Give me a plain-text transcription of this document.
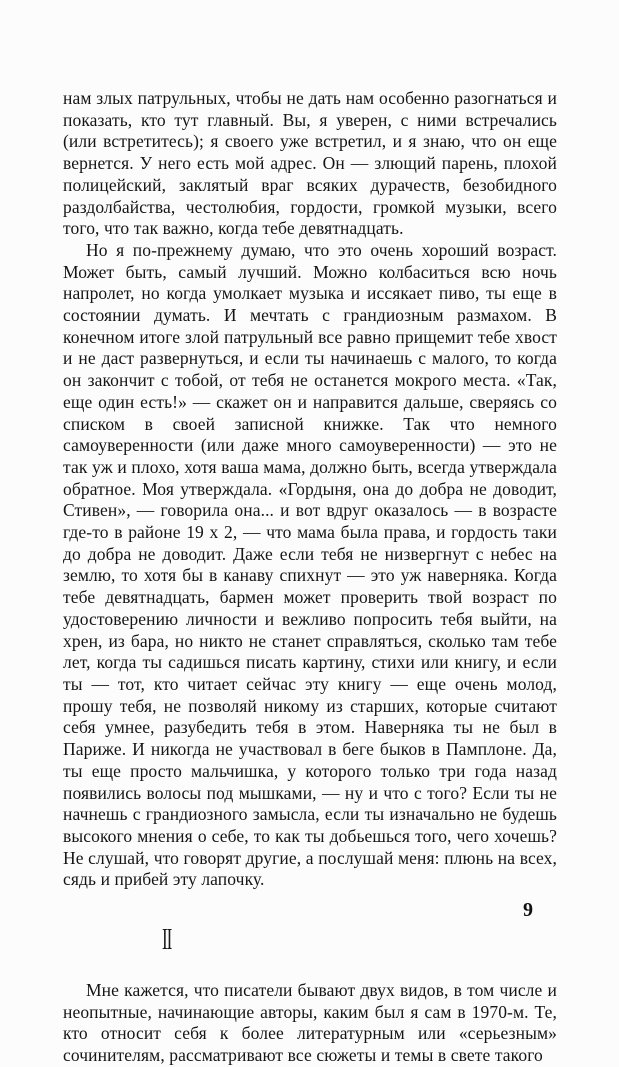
нам злых патрульных, чтобы не дать нам особенно разогнаться и показать, кто тут главный. Вы, я уверен, с ними встречались (или встретитесь); я своего уже встретил, и я знаю, что он еще вернется. У него есть мой адрес. Он — злющий парень, плохой полицейский, заклятый враг всяких дурачеств, безобидного раздолбайства, честолюбия, гордости, громкой музыки, всего того, что так важно, когда тебе девятнадцать.

Но я по-прежнему думаю, что это очень хороший возраст. Может быть, самый лучший. Можно колбаситься всю ночь напролет, но когда умолкает музыка и иссякает пиво, ты еще в состоянии думать. И мечтать с грандиозным размахом. В конечном итоге злой патрульный все равно прищемит тебе хвост и не даст развернуться, и если ты начинаешь с малого, то когда он закончит с тобой, от тебя не останется мокрого места. «Так, еще один есть!» — скажет он и направится дальше, сверяясь со списком в своей записной книжке. Так что немного самоуверенности (или даже много самоуверенности) — это не так уж и плохо, хотя ваша мама, должно быть, всегда утверждала обратное. Моя утверждала. «Гордыня, она до добра не доводит, Стивен», — говорила она... и вот вдруг оказалось — в возрасте где-то в районе 19 х 2, — что мама была права, и гордость таки до добра не доводит. Даже если тебя не низвергнут с небес на землю, то хотя бы в канаву спихнут — это уж наверняка. Когда тебе девятнадцать, бармен может проверить твой возраст по удостоверению личности и вежливо попросить тебя выйти, на хрен, из бара, но никто не станет справляться, сколько там тебе лет, когда ты садишься писать картину, стихи или книгу, и если ты — тот, кто читает сейчас эту книгу — еще очень молод, прошу тебя, не позволяй никому из старших, которые считают себя умнее, разубедить тебя в этом. Наверняка ты не был в Париже. И никогда не участвовал в беге быков в Памплоне. Да, ты еще просто мальчишка, у которого только три года назад появились волосы под мышками, — ну и что с того? Если ты не начнешь с грандиозного замысла, если ты изначально не будешь высокого мнения о себе, то как ты добьешься того, чего хочешь? Не слушай, что говорят другие, а послушай меня: плюнь на всех, сядь и прибей эту лапочку.

II

Мне кажется, что писатели бывают двух видов, в том числе и неопытные, начинающие авторы, каким был я сам в 1970-м. Те, кто относит себя к более литературным или «серьезным» сочинителям, рассматривают все сюжеты и темы в свете такого

9
